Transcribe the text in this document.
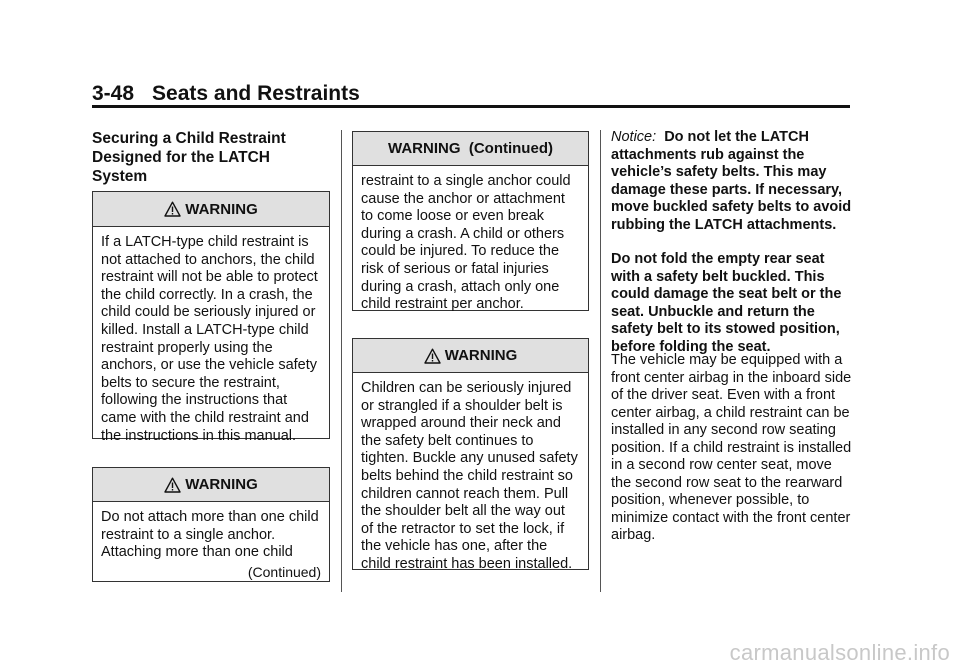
3-48 Seats and Restraints
Securing a Child Restraint Designed for the LATCH System
WARNING
If a LATCH-type child restraint is not attached to anchors, the child restraint will not be able to protect the child correctly. In a crash, the child could be seriously injured or killed. Install a LATCH-type child restraint properly using the anchors, or use the vehicle safety belts to secure the restraint, following the instructions that came with the child restraint and the instructions in this manual.
WARNING
Do not attach more than one child restraint to a single anchor. Attaching more than one child
(Continued)
WARNING  (Continued)
restraint to a single anchor could cause the anchor or attachment to come loose or even break during a crash. A child or others could be injured. To reduce the risk of serious or fatal injuries during a crash, attach only one child restraint per anchor.
WARNING
Children can be seriously injured or strangled if a shoulder belt is wrapped around their neck and the safety belt continues to tighten. Buckle any unused safety belts behind the child restraint so children cannot reach them. Pull the shoulder belt all the way out of the retractor to set the lock, if the vehicle has one, after the child restraint has been installed.
Notice: Do not let the LATCH attachments rub against the vehicle’s safety belts. This may damage these parts. If necessary, move buckled safety belts to avoid rubbing the LATCH attachments.
Do not fold the empty rear seat with a safety belt buckled. This could damage the seat belt or the seat. Unbuckle and return the safety belt to its stowed position, before folding the seat.
The vehicle may be equipped with a front center airbag in the inboard side of the driver seat. Even with a front center airbag, a child restraint can be installed in any second row seating position. If a child restraint is installed in a second row center seat, move the second row seat to the rearward position, whenever possible, to minimize contact with the front center airbag.
carmanualsonline.info
